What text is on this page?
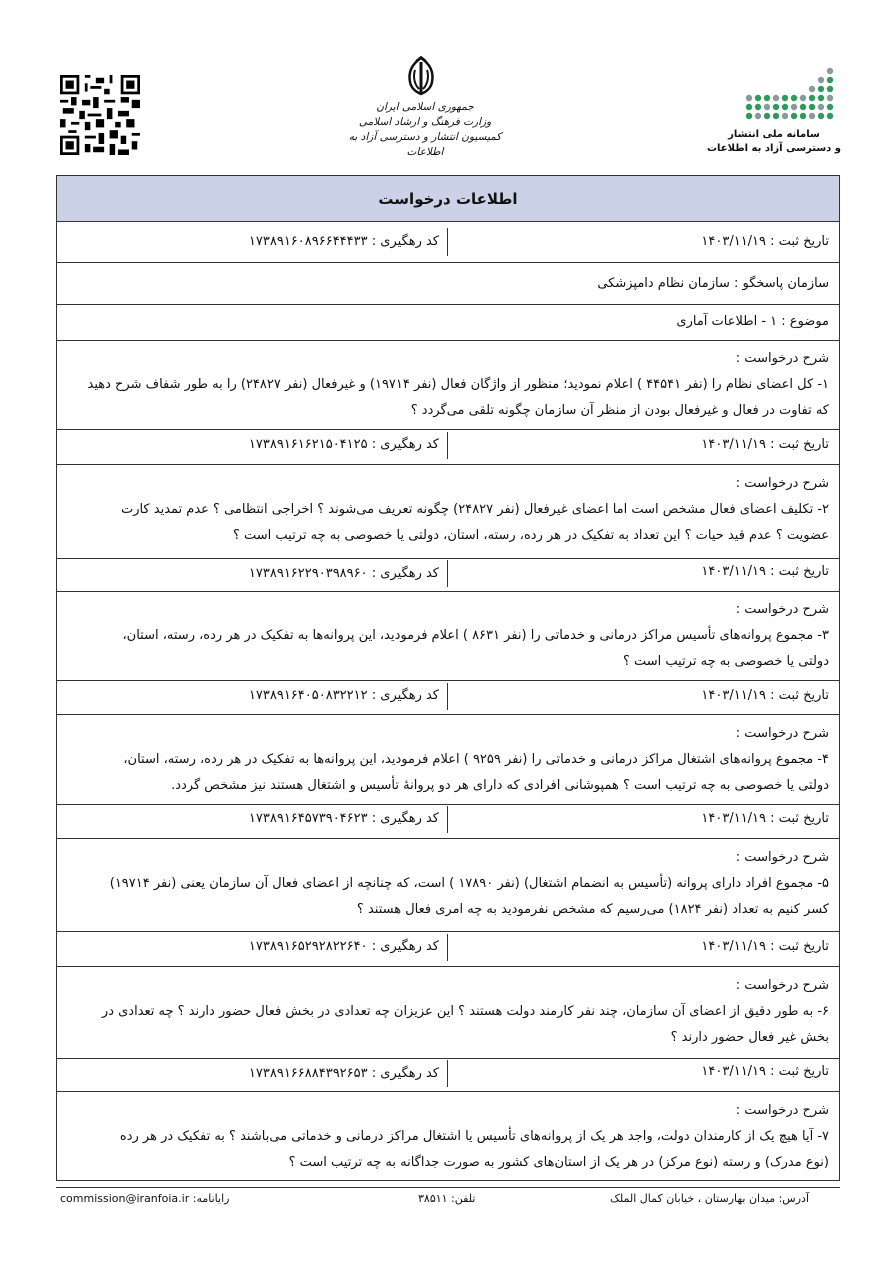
جمهوری اسلامی ایران
وزارت فرهنگ و ارشاد اسلامی
کمیسیون انتشار و دسترسی آزاد به اطلاعات
سامانه ملی انتشار
و دسترسی آزاد به اطلاعات
اطلاعات درخواست
تاریخ ثبت : ۱۴۰۳/۱۱/۱۹
کد رهگیری : ۱۷۳۸۹۱۶۰۸۹۶۶۴۴۴۳۳
سازمان پاسخگو : سازمان نظام دامپزشکی
موضوع : ۱ - اطلاعات آماری
شرح درخواست :
۱- کل اعضای نظام را (نفر ۴۴۵۴۱ ) اعلام نمودید؛ منظور از واژگان فعال (نفر ۱۹۷۱۴) و غیرفعال (نفر ۲۴۸۲۷) را به طور شفاف شرح دهید
که تفاوت در فعال و غیرفعال بودن از منظر آن سازمان چگونه تلقی می‌گردد ؟
تاریخ ثبت : ۱۴۰۳/۱۱/۱۹
کد رهگیری : ۱۷۳۸۹۱۶۱۶۲۱۵۰۴۱۲۵
شرح درخواست :
۲- تکلیف اعضای فعال مشخص است اما اعضای غیرفعال (نفر ۲۴۸۲۷) چگونه تعریف می‌شوند ؟ اخراجی انتظامی ؟ عدم تمدید کارت
عضویت ؟ عدم قید حیات ؟ این تعداد به تفکیک در هر رده، رسته، استان، دولتی یا خصوصی به چه ترتیب است ؟
تاریخ ثبت : ۱۴۰۳/۱۱/۱۹
کد رهگیری : ۱۷۳۸۹۱۶۲۲۹۰۳۹۸۹۶۰
شرح درخواست :
۳- مجموع پروانه‌های تأسیس مراکز درمانی و خدماتی را (نفر ۸۶۳۱ ) اعلام فرمودید، این پروانه‌ها به تفکیک در هر رده، رسته، استان،
دولتی یا خصوصی به چه ترتیب است ؟
تاریخ ثبت : ۱۴۰۳/۱۱/۱۹
کد رهگیری : ۱۷۳۸۹۱۶۴۰۵۰۸۳۲۲۱۲
شرح درخواست :
۴- مجموع پروانه‌های اشتغال مراکز درمانی و خدماتی را (نفر ۹۲۵۹ ) اعلام فرمودید، این پروانه‌ها به تفکیک در هر رده، رسته، استان،
دولتی یا خصوصی به چه ترتیب است ؟ همپوشانی افرادی که دارای هر دو پروانهٔ تأسیس و اشتغال هستند نیز مشخص گردد.
تاریخ ثبت : ۱۴۰۳/۱۱/۱۹
کد رهگیری : ۱۷۳۸۹۱۶۴۵۷۳۹۰۴۶۲۳
شرح درخواست :
۵- مجموع افراد دارای پروانه (تأسیس به انضمام اشتغال) (نفر ۱۷۸۹۰ ) است، که چنانچه از اعضای فعال آن سازمان یعنی (نفر ۱۹۷۱۴)
کسر کنیم به تعداد (نفر ۱۸۲۴) می‌رسیم که مشخص نفرمودید به چه امری فعال هستند ؟
تاریخ ثبت : ۱۴۰۳/۱۱/۱۹
کد رهگیری : ۱۷۳۸۹۱۶۵۲۹۲۸۲۲۶۴۰
شرح درخواست :
۶- به طور دقیق از اعضای آن سازمان، چند نفر کارمند دولت هستند ؟ این عزیزان چه تعدادی در بخش فعال حضور دارند ؟ چه تعدادی در
بخش غیر فعال حضور دارند ؟
تاریخ ثبت : ۱۴۰۳/۱۱/۱۹
کد رهگیری : ۱۷۳۸۹۱۶۶۸۸۴۳۹۲۶۵۳
شرح درخواست :
۷- آیا هیچ یک از کارمندان دولت، واجد هر یک از پروانه‌های تأسیس یا اشتغال مراکز درمانی و خدماتی می‌باشند ؟ به تفکیک در هر رده
(نوع مدرک) و رسته (نوع مرکز) در هر یک از استان‌های کشور به صورت جداگانه به چه ترتیب است ؟
آدرس: میدان بهارستان ، خیابان کمال الملک
تلفن: ۳۸۵۱۱
commission@iranfoia.ir :رایانامه
